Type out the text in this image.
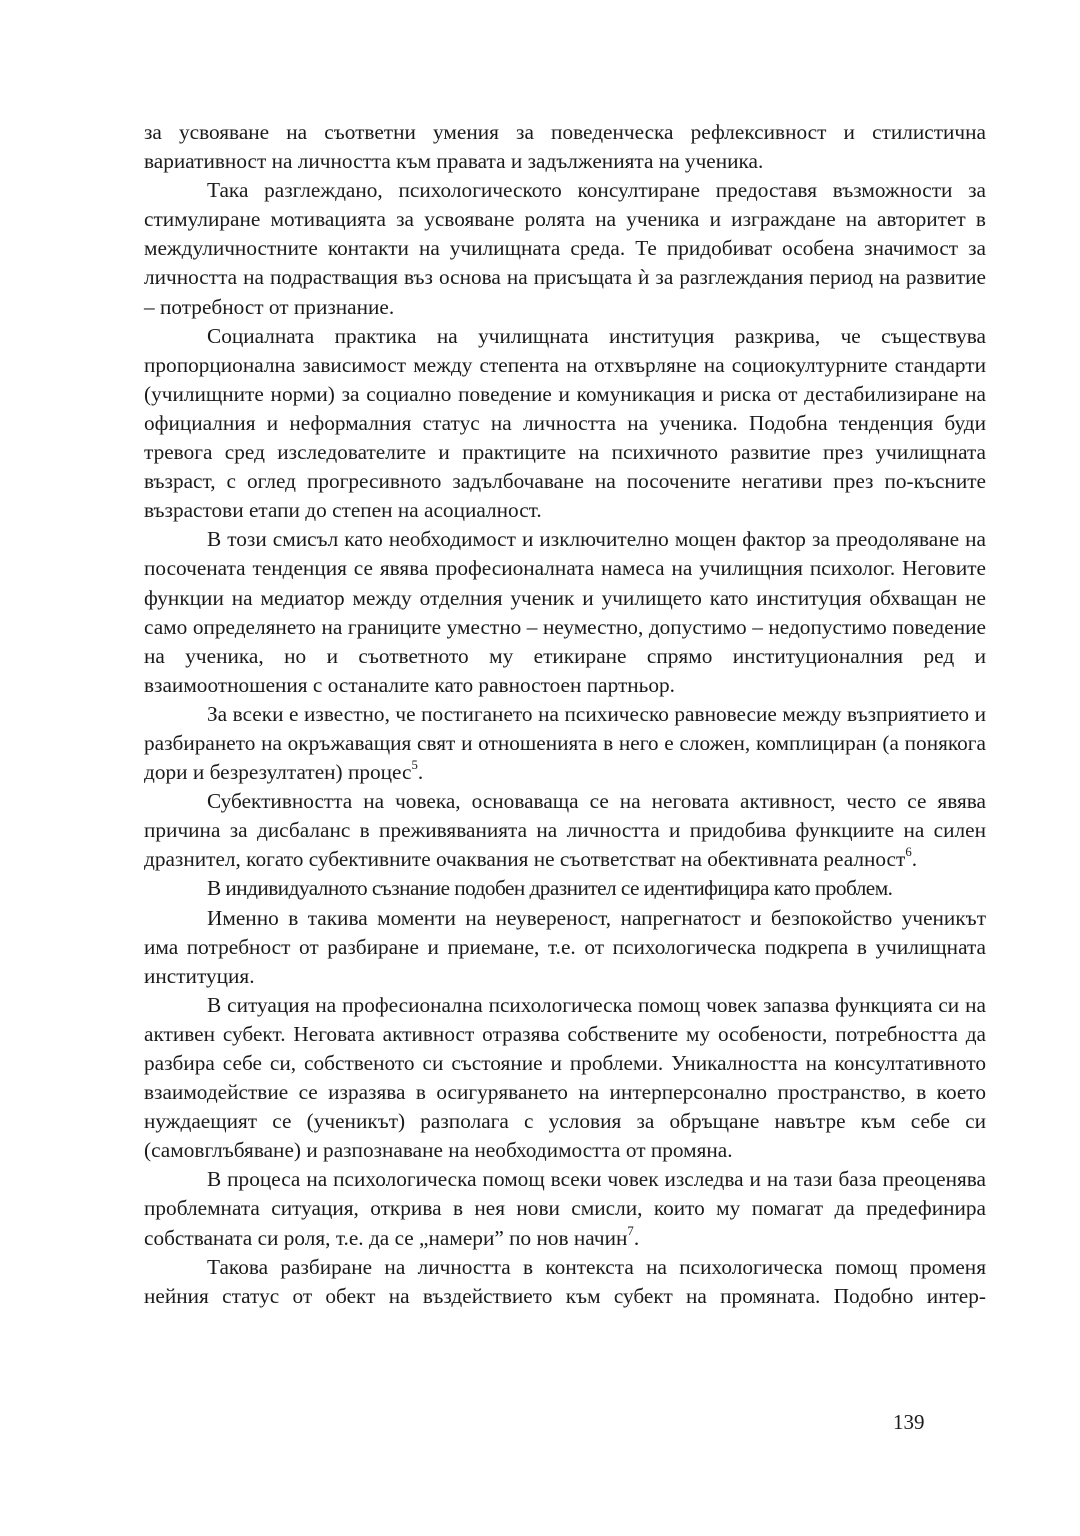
за усвояване на съответни умения за поведенческа рефлексивност и стилистична вариативност на личността към правата и задълженията на ученика.

Така разглеждано, психологическото консултиране предоставя възможности за стимулиране мотивацията за усвояване ролята на ученика и изграждане на авторитет в междуличностните контакти на училищната среда. Те придобиват особена значимост за личността на подрастващия въз основа на присъщата ѝ за разглеждания период на развитие – потребност от признание.

Социалната практика на училищната институция разкрива, че съществува пропорционална зависимост между степента на отхвърляне на социокултурните стандарти (училищните норми) за социално поведение и комуникация и риска от дестабилизиране на официалния и неформалния статус на личността на ученика. Подобна тенденция буди тревога сред изследователите и практиците на психичното развитие през училищната възраст, с оглед прогресивното задълбочаване на посочените негативи през по-късните възрастови етапи до степен на асоциалност.

В този смисъл като необходимост и изключително мощен фактор за преодоляване на посочената тенденция се явява професионалната намеса на училищния психолог. Неговите функции на медиатор между отделния ученик и училището като институция обхващан не само определянето на границите уместно – неуместно, допустимо – недопустимо поведение на ученика, но и съответното му етикиране спрямо институционалния ред и взаимоотношения с останалите като равностоен партньор.

За всеки е известно, че постигането на психическо равновесие между възприятието и разбирането на окръжаващия свят и отношенията в него е сложен, комплициран (а понякога дори и безрезултатен) процес$^5$.

Субективността на човека, основаваща се на неговата активност, често се явява причина за дисбаланс в преживяванията на личността и придобива функциите на силен дразнител, когато субективните очаквания не съответстват на обективната реалност$^6$.

В индивидуалното съзнание подобен дразнител се идентифицира като проблем.

Именно в такива моменти на неувереност, напрегнатост и безпокойство ученикът има потребност от разбиране и приемане, т.е. от психологическа подкрепа в училищната институция.

В ситуация на професионална психологическа помощ човек запазва функцията си на активен субект. Неговата активност отразява собствените му особености, потребността да разбира себе си, собственото си състояние и проблеми. Уникалността на консултативното взаимодействие се изразява в осигуряването на интерперсонално пространство, в което нуждаещият се (ученикът) разполага с условия за обръщане навътре към себе си (самовглъбяване) и разпознаване на необходимостта от промяна.

В процеса на психологическа помощ всеки човек изследва и на тази база преоценява проблемната ситуация, открива в нея нови смисли, които му помагат да предефинира собстваната си роля, т.е. да се „намери” по нов начин$^7$.

Такова разбиране на личността в контекста на психологическа помощ променя нейния статус от обект на въздействието към субект на промяната. Подобно интер-

139
